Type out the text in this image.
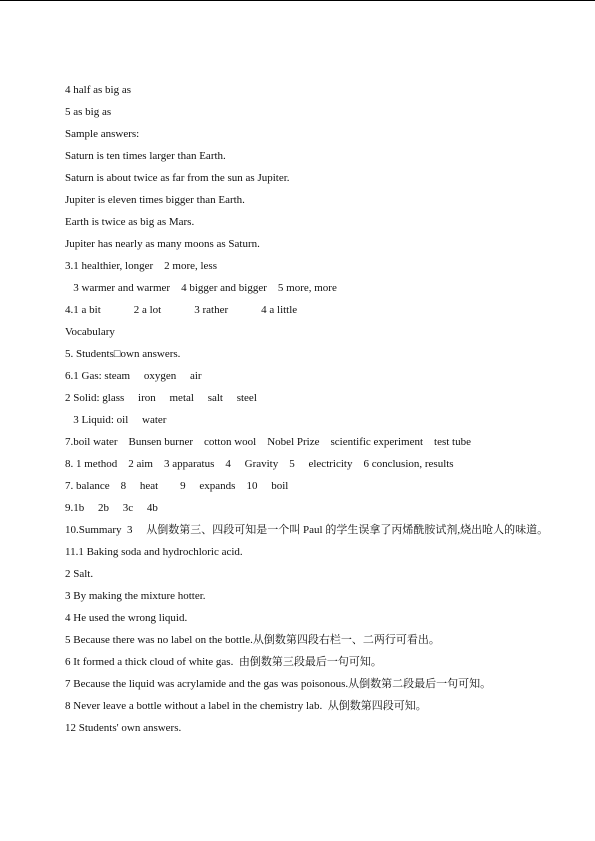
4 half as big as
5 as big as
Sample answers:
Saturn is ten times larger than Earth.
Saturn is about twice as far from the sun as Jupiter.
Jupiter is eleven times bigger than Earth.
Earth is twice as big as Mars.
Jupiter has nearly as many moons as Saturn.
3.1 healthier, longer    2 more, less
3 warmer and warmer    4 bigger and bigger    5 more, more
4.1 a bit            2 a lot            3 rather            4 a little
Vocabulary
5. Students□own answers.
6.1 Gas: steam     oxygen     air
2 Solid: glass     iron     metal     salt     steel
3 Liquid: oil     water
7.boil water    Bunsen burner    cotton wool    Nobel Prize    scientific experiment    test tube
8. 1 method    2 aim    3 apparatus    4     Gravity    5     electricity    6 conclusion, results
7. balance    8     heat        9     expands    10     boil
9.1b     2b     3c     4b
10.Summary  3     从倒数第三、四段可知是一个叫 Paul 的学生误拿了丙烯酰胺试剂,烧出呛人的味道。
11.1 Baking soda and hydrochloric acid.
2 Salt.
3 By making the mixture hotter.
4 He used the wrong liquid.
5 Because there was no label on the bottle.从倒数第四段右栏一、二两行可看出。
6 It formed a thick cloud of white gas.  由倒数第三段最后一句可知。
7 Because the liquid was acrylamide and the gas was poisonous.从倒数第二段最后一句可知。
8 Never leave a bottle without a label in the chemistry lab.  从倒数第四段可知。
12 Students' own answers.
